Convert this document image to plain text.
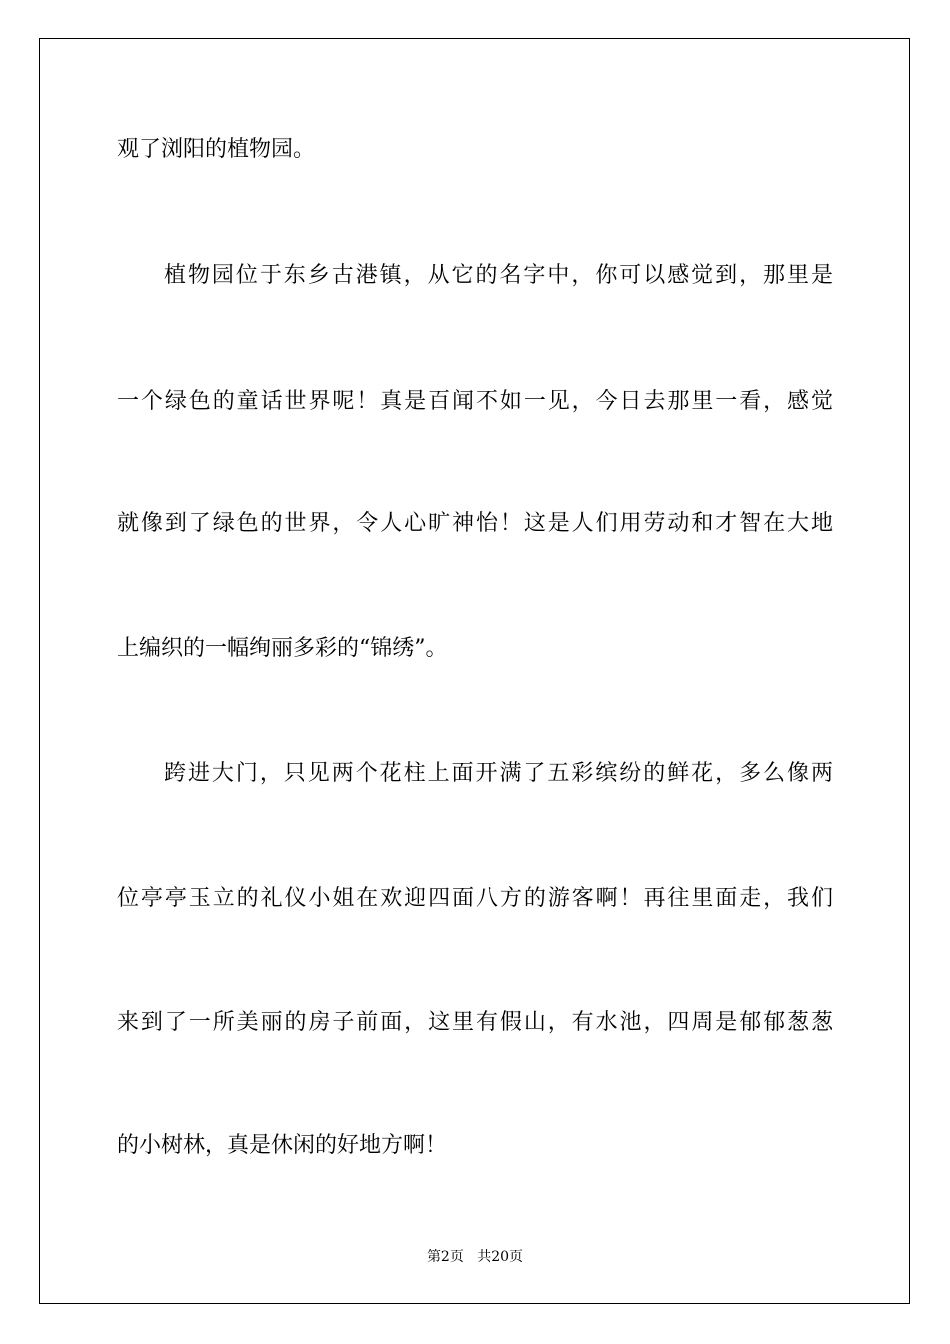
观了浏阳的植物园。
植物园位于东乡古港镇，从它的名字中，你可以感觉到，那里是
一个绿色的童话世界呢！真是百闻不如一见，今日去那里一看，感觉
就像到了绿色的世界，令人心旷神怡！这是人们用劳动和才智在大地
上编织的一幅绚丽多彩的“锦绣”。
跨进大门，只见两个花柱上面开满了五彩缤纷的鲜花，多么像两
位亭亭玉立的礼仪小姐在欢迎四面八方的游客啊！再往里面走，我们
来到了一所美丽的房子前面，这里有假山，有水池，四周是郁郁葱葱
的小树林，真是休闲的好地方啊！
第2页 共20页
